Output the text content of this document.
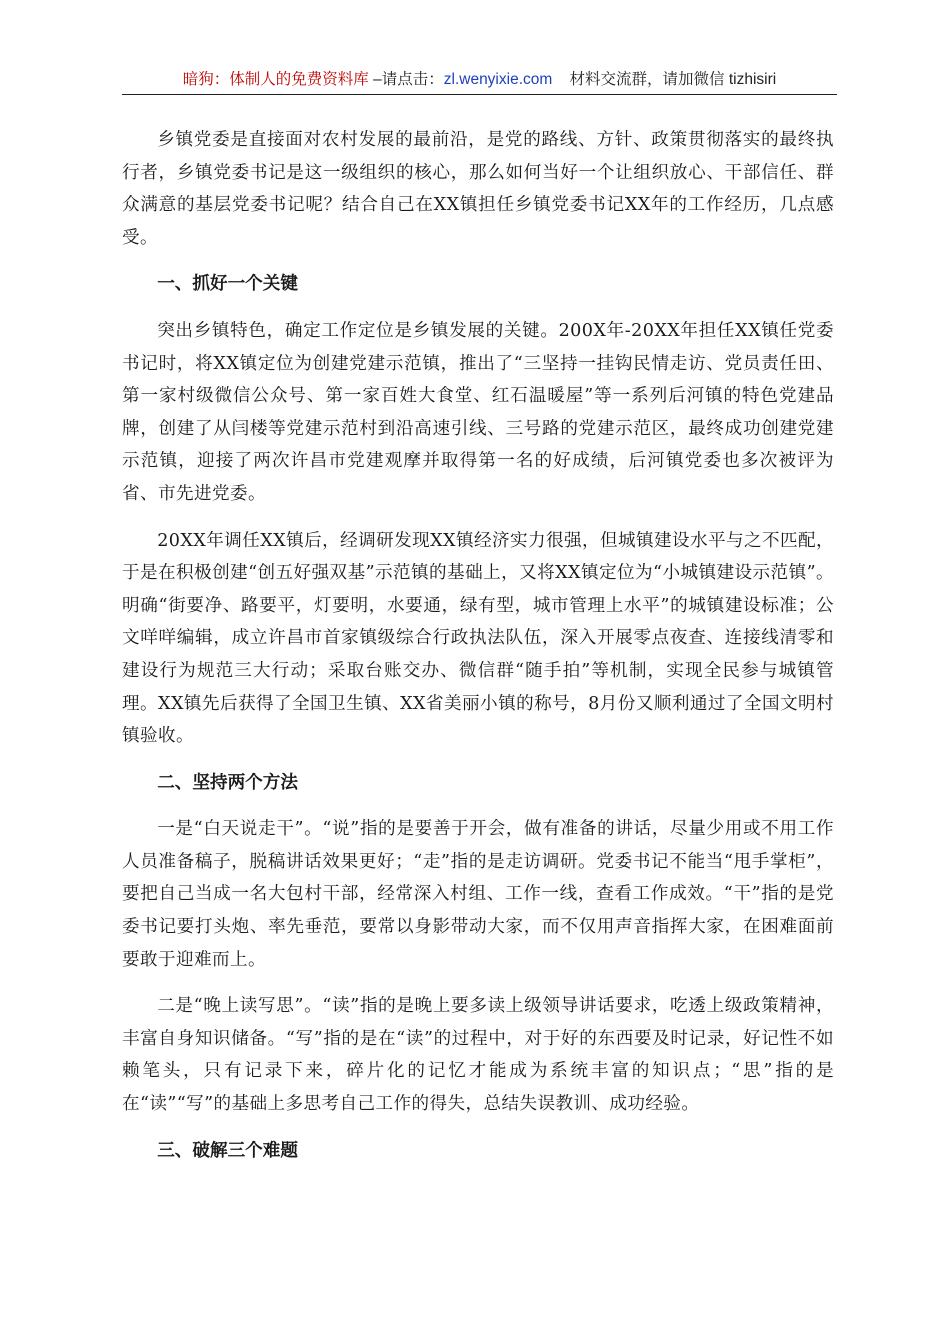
暗狗：体制人的免费资料库 –请点击：zl.wenyixie.com 材料交流群，请加微信 tizhisiri

乡镇党委是直接面对农村发展的最前沿，是党的路线、方针、政策贯彻落实的最终执行者，乡镇党委书记是这一级组织的核心，那么如何当好一个让组织放心、干部信任、群众满意的基层党委书记呢？结合自己在XX镇担任乡镇党委书记XX年的工作经历，几点感受。

一、抓好一个关键

突出乡镇特色，确定工作定位是乡镇发展的关键。200X年-20XX年担任XX镇任党委书记时，将XX镇定位为创建党建示范镇，推出了“三坚持一挂钩民情走访、党员责任田、第一家村级微信公众号、第一家百姓大食堂、红石温暖屋”等一系列后河镇的特色党建品牌，创建了从闫楼等党建示范村到沿高速引线、三号路的党建示范区，最终成功创建党建示范镇，迎接了两次许昌市党建观摩并取得第一名的好成绩，后河镇党委也多次被评为省、市先进党委。

20XX年调任XX镇后，经调研发现XX镇经济实力很强，但城镇建设水平与之不匹配，于是在积极创建“创五好强双基”示范镇的基础上，又将XX镇定位为“小城镇建设示范镇”。明确“街要净、路要平，灯要明，水要通，绿有型，城市管理上水平”的城镇建设标准；公文咩咩编辑，成立许昌市首家镇级综合行政执法队伍，深入开展零点夜查、连接线清零和建设行为规范三大行动；采取台账交办、微信群“随手拍”等机制，实现全民参与城镇管理。XX镇先后获得了全国卫生镇、XX省美丽小镇的称号，8月份又顺利通过了全国文明村镇验收。

二、坚持两个方法

一是“白天说走干”。“说”指的是要善于开会，做有准备的讲话，尽量少用或不用工作人员准备稿子，脱稿讲话效果更好；“走”指的是走访调研。党委书记不能当“甩手掌柜”，要把自己当成一名大包村干部，经常深入村组、工作一线，查看工作成效。“干”指的是党委书记要打头炮、率先垂范，要常以身影带动大家，而不仅用声音指挥大家，在困难面前要敢于迎难而上。

二是“晚上读写思”。“读”指的是晚上要多读上级领导讲话要求，吃透上级政策精神，丰富自身知识储备。“写”指的是在“读”的过程中，对于好的东西要及时记录，好记性不如赖笔头，只有记录下来，碎片化的记忆才能成为系统丰富的知识点；“思”指的是在“读”“写”的基础上多思考自己工作的得失，总结失误教训、成功经验。

三、破解三个难题
